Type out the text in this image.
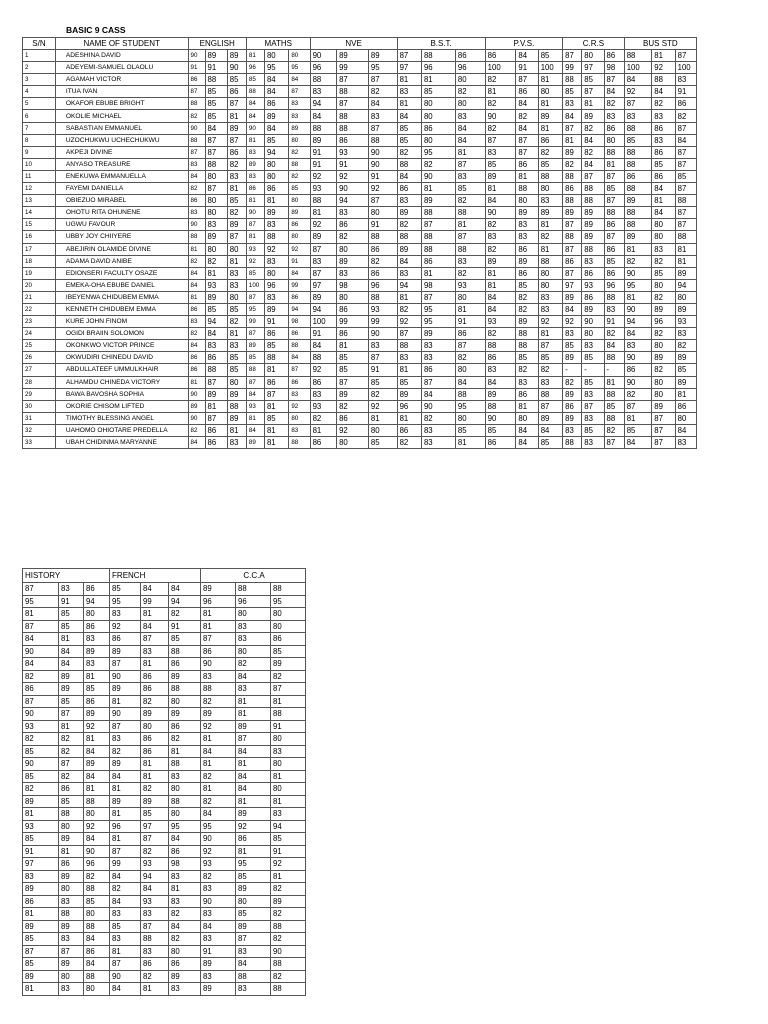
BASIC 9 CASS
S/N	NAME OF STUDENT	ENGLISH			MATHS			NVE			B.S.T.			P.V.S.			C.R.S			BUS STD		
1	ADESHINA DAVID	90	89	89	81	80	80	90	89	89	87	88	86	86	84	85	87	80	86	88	81	87
2	ADEYEMI-SAMUEL OLAOLU	91	91	90	96	95	95	96	99	95	97	96	96	100	91	100	99	97	98	100	92	100
3	AGAMAH VICTOR	86	88	85	85	84	84	88	87	87	81	81	80	82	87	81	88	85	87	84	88	83
4	ITUA IVAN	87	85	86	88	84	87	83	88	82	83	85	82	81	86	80	85	87	84	92	84	91
5	OKAFOR EBUBE BRIGHT	88	85	87	84	86	83	94	87	84	81	80	80	82	84	81	83	81	82	87	82	86
6	OKOLIE MICHAEL	82	85	81	84	89	83	84	88	83	84	80	83	90	82	89	84	89	83	83	83	82
7	SABASTIAN EMMANUEL	90	84	89	90	84	89	88	88	87	85	86	84	82	84	81	87	82	86	88	86	87
8	UZOCHUKWU UCHECHUKWU	88	87	87	81	85	80	89	86	88	85	80	84	87	87	86	81	84	80	85	83	84
9	AKPEJI DIVINE	87	87	86	83	94	82	91	93	90	82	95	81	83	87	82	89	82	88	88	86	87
10	ANYASO TREASURE	83	88	82	89	80	88	91	91	90	88	82	87	85	86	85	82	84	81	88	85	87
11	ENEKUWA EMMANUELLA	84	80	83	83	80	82	92	92	91	84	90	83	89	81	88	88	87	87	86	86	85
12	FAYEMI DANIELLA	82	87	81	86	86	85	93	90	92	86	81	85	81	88	80	86	88	85	88	84	87
13	OBIEZUO MIRABEL	86	80	85	81	81	80	88	94	87	83	89	82	84	80	83	88	88	87	89	81	88
14	OHOTU RITA OHUNENE	83	80	82	90	89	89	81	83	80	89	88	88	90	89	89	89	89	88	88	84	87
15	UGWU FAVOUR	90	83	89	87	83	86	92	86	91	82	87	81	82	83	81	87	89	86	88	80	87
16	UBBY JOY CHIIYERE	88	89	87	81	88	80	89	82	88	88	88	87	83	83	82	88	89	87	89	80	88
17	ABEJIRIN OLAMIDE DIVINE	81	80	80	93	92	92	87	80	86	89	88	88	82	86	81	87	88	86	81	83	81
18	ADAMA DAVID ANIBE	82	82	81	92	83	91	83	89	82	84	86	83	89	89	88	86	83	85	82	82	81
19	EDIONSERI FACULTY OSAZE	84	81	83	85	80	84	87	83	86	83	81	82	81	86	80	87	86	86	90	85	89
20	EMEKA-OHA EBUBE DANIEL	84	93	83	100	96	99	97	98	96	94	98	93	81	85	80	97	93	96	95	80	94
21	IBEYENWA CHIDUBEM EMMA	81	89	80	87	83	86	89	80	88	81	87	80	84	82	83	89	86	88	81	82	80
22	KENNETH CHIDUBEM EMMA	86	85	85	95	89	94	94	86	93	82	95	81	84	82	83	84	89	83	90	89	89
23	KURE JOHN FINOM	83	94	82	99	91	98	100	99	99	92	95	91	93	89	92	92	90	91	94	96	93
24	OGIDI BRAIIN SOLOMON	82	84	81	87	86	86	91	86	90	87	89	86	82	88	81	83	80	82	84	82	83
25	OKONKWO VICTOR PRINCE	84	83	83	89	85	88	84	81	83	88	83	87	88	88	87	85	83	84	83	80	82
26	OKWUDIRI CHINEDU DAVID	86	86	85	85	88	84	88	85	87	83	83	82	86	85	85	89	85	88	90	89	89
27	ABDULLATEEF UMMULKHAIR	86	88	85	88	81	87	92	85	91	81	86	80	83	82	82	-	-	-	86	82	85
28	ALHAMDU CHINEDA VICTORY	81	87	80	87	86	86	86	87	85	85	87	84	84	83	83	82	85	81	90	80	89
29	BAWA BAVOSHA SOPHIA	90	89	89	84	87	83	83	89	82	89	84	88	89	86	88	89	83	88	82	80	81
30	OKORIE CHISOM LIFTED	89	81	88	93	81	92	93	82	92	96	90	95	88	81	87	86	87	85	87	89	86
31	TIMOTHY BLESSING ANGEL	90	87	89	81	85	80	82	86	81	81	82	80	90	80	89	89	83	88	81	87	80
32	UAHOMO OHIOTARE PREDELLA	82	86	81	84	81	83	81	92	80	86	83	85	85	84	84	83	85	82	85	87	84
33	UBAH CHIDINMA MARYANNE	84	86	83	89	81	88	86	80	85	82	83	81	86	84	85	88	83	87	84	87	83
HISTORY			FRENCH			C.C.A		
87	83	86	85	84	84	89	88	88
95	91	94	95	99	94	96	96	95
81	85	80	83	81	82	81	80	80
87	85	86	92	84	91	81	83	80
84	81	83	86	87	85	87	83	86
90	84	89	89	83	88	86	80	85
84	84	83	87	81	86	90	82	89
82	89	81	90	86	89	83	84	82
86	89	85	89	86	88	88	83	87
87	85	86	81	82	80	82	81	81
90	87	89	90	89	89	89	81	88
93	81	92	87	80	86	92	89	91
82	82	81	83	86	82	81	87	80
85	82	84	82	86	81	84	84	83
90	87	89	89	81	88	81	81	80
85	82	84	84	81	83	82	84	81
82	86	81	81	82	80	81	84	80
89	85	88	89	89	88	82	81	81
81	88	80	81	85	80	84	89	83
93	80	92	96	97	95	95	92	94
85	89	84	81	87	84	90	86	85
91	81	90	87	82	86	92	81	91
97	86	96	99	93	98	93	95	92
83	89	82	84	94	83	82	85	81
89	80	88	82	84	81	83	89	82
86	83	85	84	93	83	90	80	89
81	88	80	83	83	82	83	85	82
89	89	88	85	87	84	84	89	88
85	83	84	83	88	82	83	87	82
87	87	86	81	83	80	91	83	90
85	89	84	87	86	86	89	84	88
89	80	88	90	82	89	83	88	82
81	83	80	84	81	83	89	83	88
